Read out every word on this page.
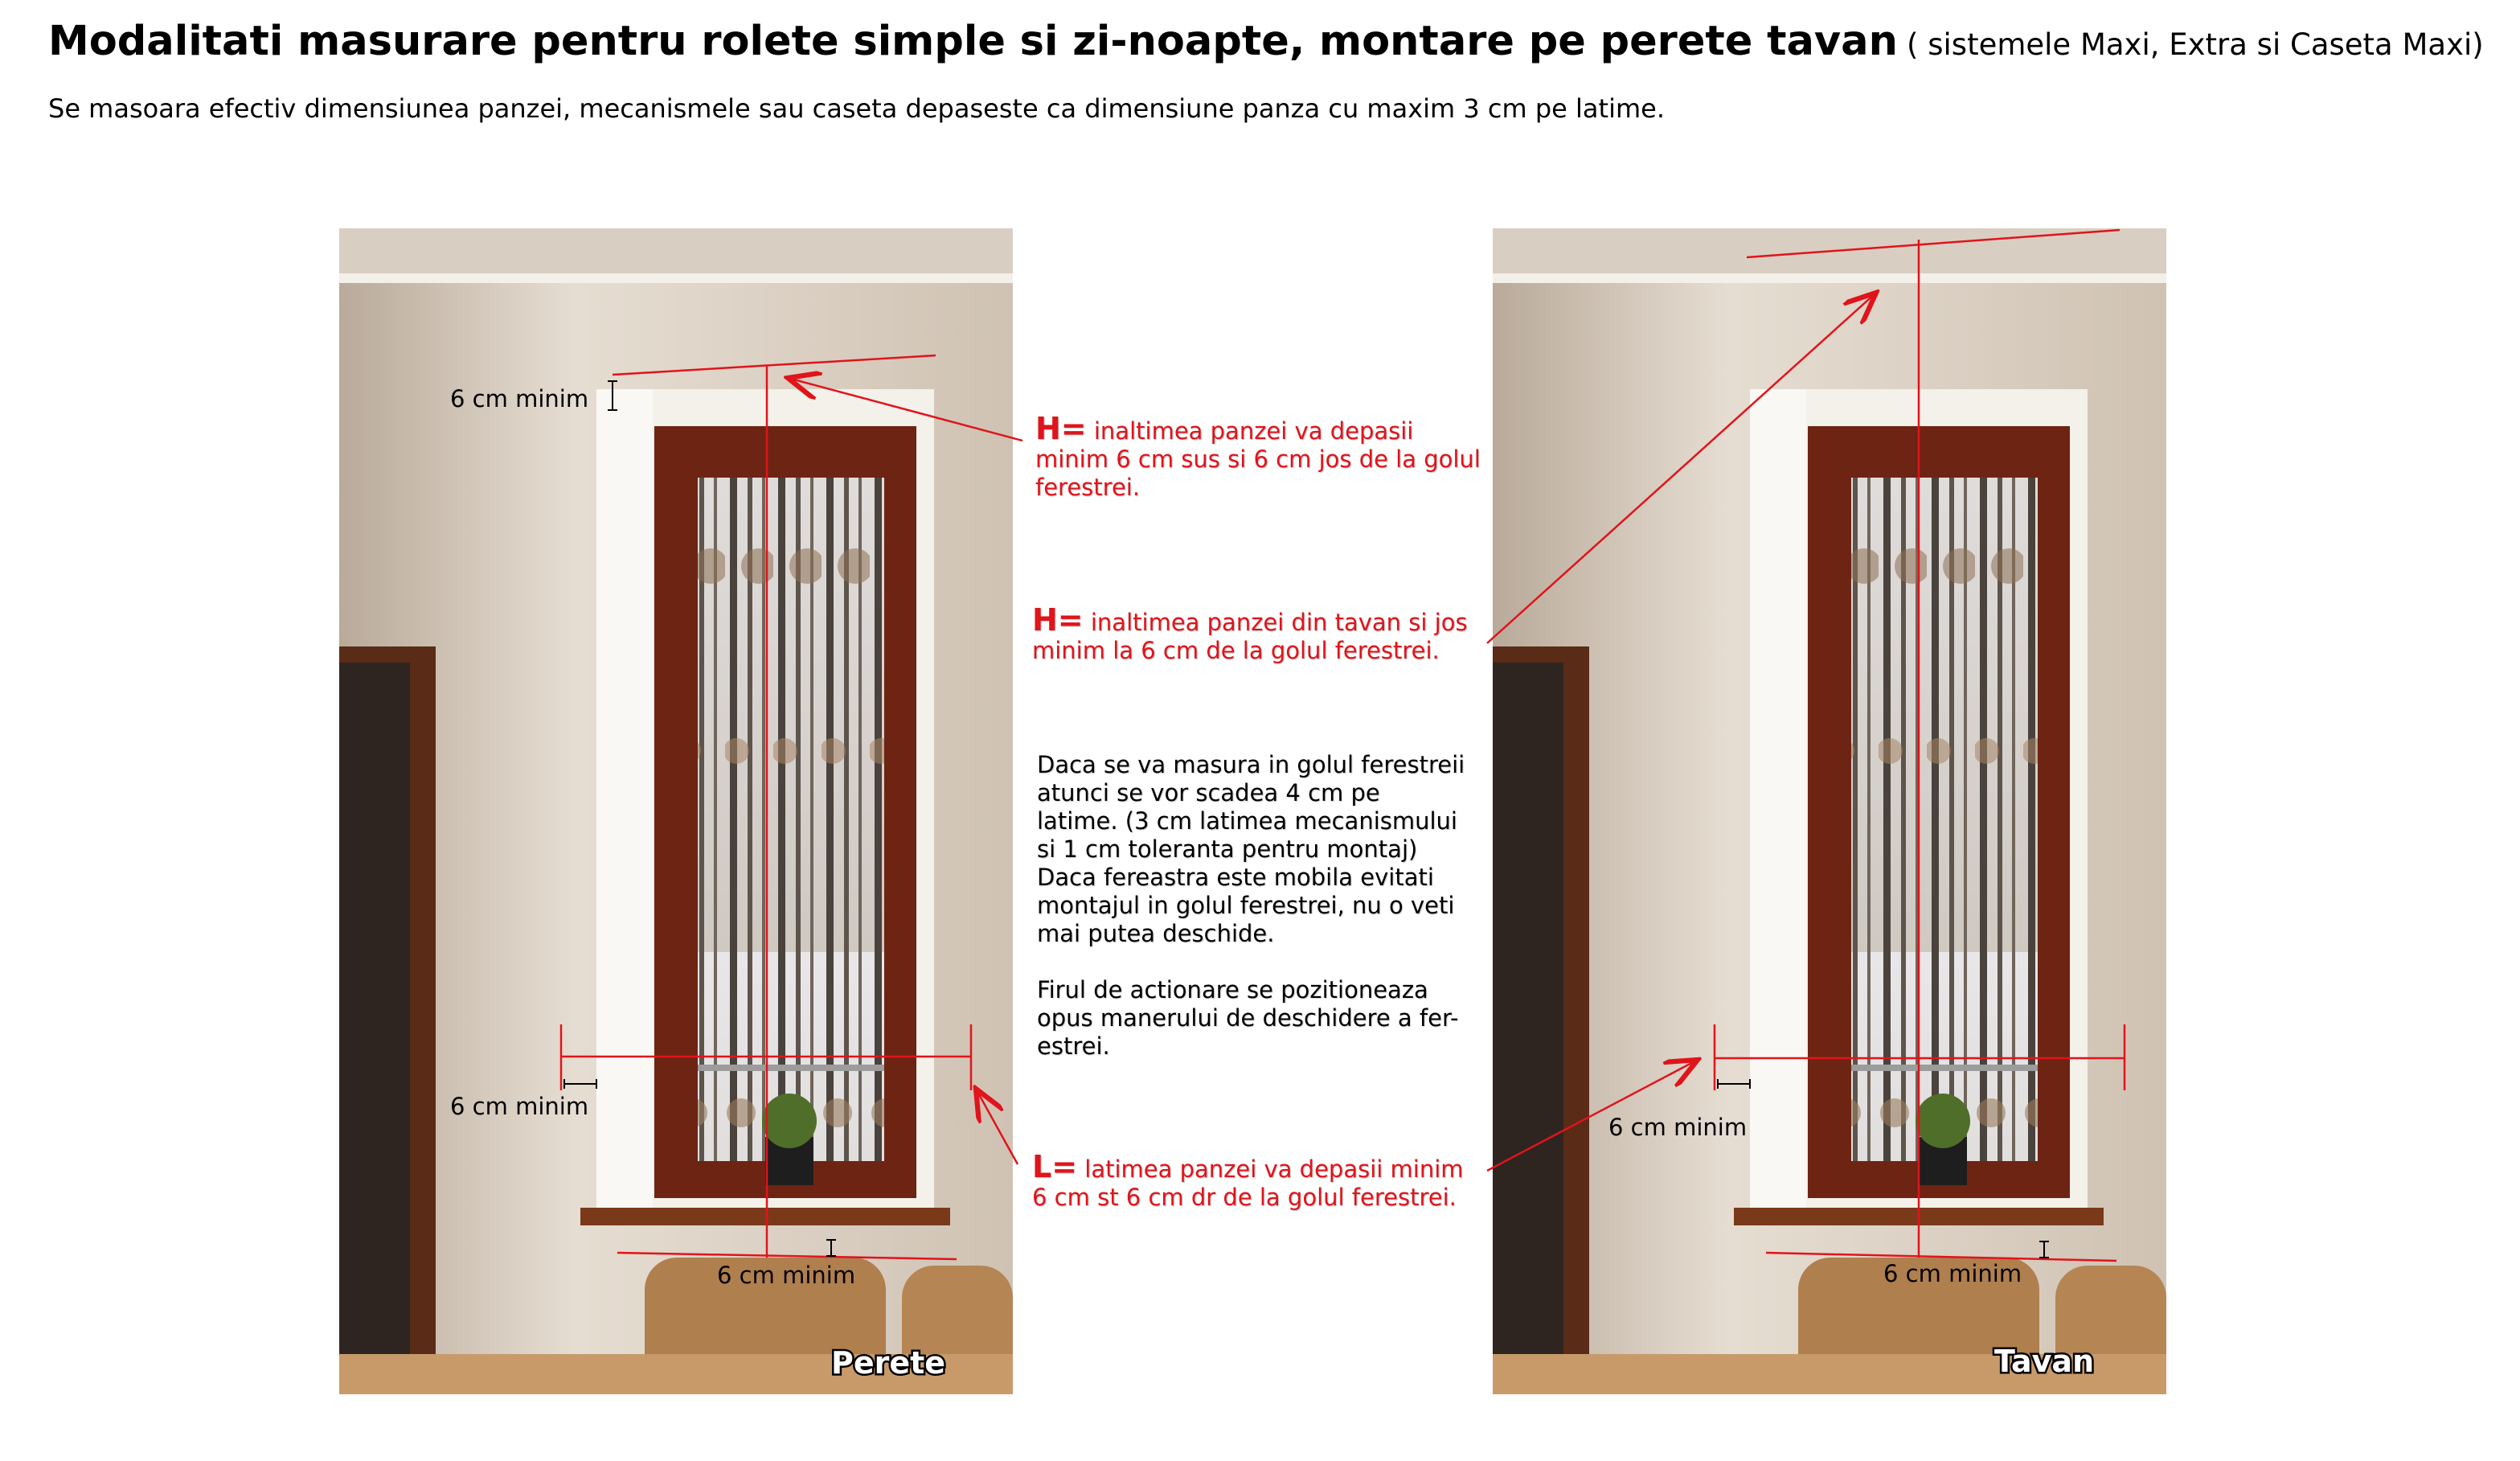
Modalitati masurare pentru rolete simple si zi-noapte, montare pe perete tavan ( sistemele Maxi, Extra si Caseta Maxi)
Se masoara efectiv dimensiunea panzei, mecanismele sau caseta depaseste ca dimensiune panza cu maxim 3 cm pe latime.
6 cm minim
6 cm minim
6 cm minim
Perete
6 cm minim
6 cm minim
Tavan
H= inaltimea panzei va depasii minim 6 cm sus si 6 cm jos de la golul ferestrei.
H= inaltimea panzei din tavan si jos minim la 6 cm de la golul ferestrei.

Daca se va masura in golul ferestreii
atunci se vor scadea 4 cm pe
latime. (3 cm latimea mecanismului
si 1 cm toleranta pentru montaj)
Daca fereastra este mobila evitati
montajul in golul ferestrei, nu o veti
mai putea deschide.

Firul de actionare se pozitioneaza
opus manerului de deschidere a fer-
estrei.

L= latimea panzei va depasii minim 6 cm st 6 cm dr de la golul ferestrei.
